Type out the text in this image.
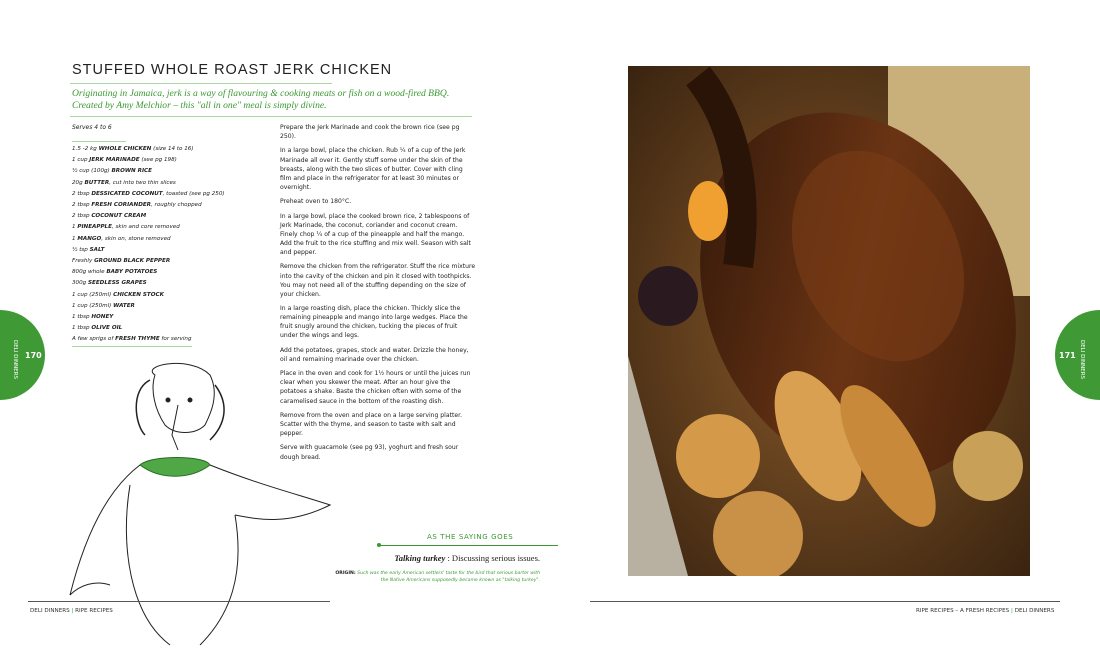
STUFFED WHOLE ROAST JERK CHICKEN
Originating in Jamaica, jerk is a way of flavouring & cooking meats or fish on a wood-fired BBQ. Created by Amy Melchior – this "all in one" meal is simply divine.
Serves 4 to 6
1.5 -2 kg WHOLE CHICKEN (size 14 to 16)
1 cup JERK MARINADE (see pg 198)
½ cup (100g) BROWN RICE
20g BUTTER, cut into two thin slices
2 tbsp DESSICATED COCONUT, toasted (see pg 250)
2 tbsp FRESH CORIANDER, roughly chopped
2 tbsp COCONUT CREAM
1 PINEAPPLE, skin and core removed
1 MANGO, skin on, stone removed
½ tsp SALT
Freshly GROUND BLACK PEPPER
800g whole BABY POTATOES
300g SEEDLESS GRAPES
1 cup (250ml) CHICKEN STOCK
1 cup (250ml) WATER
1 tbsp HONEY
1 tbsp OLIVE OIL
A few sprigs of FRESH THYME for serving

Prepare the Jerk Marinade and cook the brown rice (see pg 250).

In a large bowl, place the chicken. Rub ¼ of a cup of the Jerk Marinade all over it. Gently stuff some under the skin of the breasts, along with the two slices of butter. Cover with cling film and place in the refrigerator for at least 30 minutes or overnight.

Preheat oven to 180°C.

In a large bowl, place the cooked brown rice, 2 tablespoons of Jerk Marinade, the coconut, coriander and coconut cream. Finely chop ¼ of a cup of the pineapple and half the mango. Add the fruit to the rice stuffing and mix well. Season with salt and pepper.

Remove the chicken from the refrigerator. Stuff the rice mixture into the cavity of the chicken and pin it closed with toothpicks. You may not need all of the stuffing depending on the size of your chicken.

In a large roasting dish, place the chicken. Thickly slice the remaining pineapple and mango into large wedges. Place the fruit snugly around the chicken, tucking the pieces of fruit under the wings and legs.

Add the potatoes, grapes, stock and water. Drizzle the honey, oil and remaining marinade over the chicken.

Place in the oven and cook for 1½ hours or until the juices run clear when you skewer the meat. After an hour give the potatoes a shake. Baste the chicken often with some of the caramelised sauce in the bottom of the roasting dish.

Remove from the oven and place on a large serving platter. Scatter with the thyme, and season to taste with salt and pepper.

Serve with guacamole (see pg 93), yoghurt and fresh sour dough bread.

DELI DINNERS 170	171 DELI DINNERS
AS THE SAYING GOES
Talking turkey : Discussing serious issues.
ORIGIN: Such was the early American settlers' taste for the bird that serious barter with the Native Americans supposedly became known as "talking turkey".
DELI DINNERS | RIPE RECIPES	RIPE RECIPES – A FRESH RECIPES | DELI DINNERS
